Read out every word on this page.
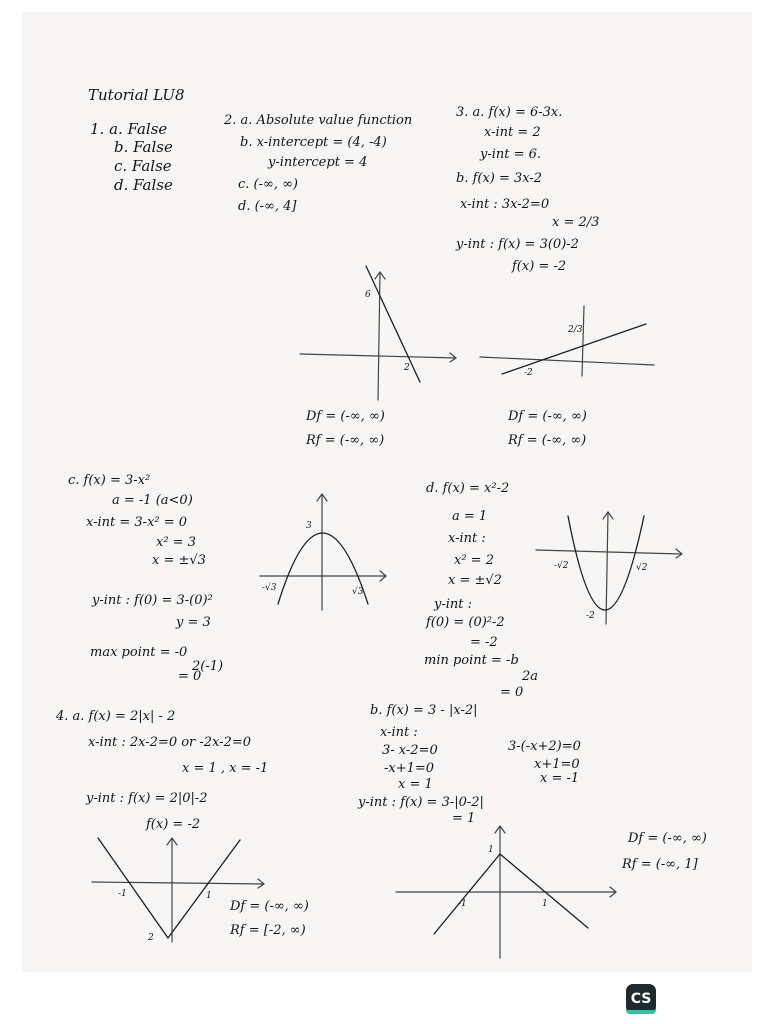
Tutorial LU8
1. a. False
b. False
c. False
d. False
2. a. Absolute value function
b. x-intercept = (4, -4)
y-intercept = 4
c. (-∞, ∞)
d. (-∞, 4]
3. a. f(x) = 6-3x.
x-int = 2
y-int = 6.
b. f(x) = 3x-2
x-int : 3x-2=0
x = 2/3
y-int : f(x) = 3(0)-2
f(x) = -2
6
2
2/3
-2
Df = (-∞, ∞)
Rf = (-∞, ∞)
Df = (-∞, ∞)
Rf = (-∞, ∞)
c. f(x) = 3-x²
a = -1 (a<0)
x-int = 3-x² = 0
x² = 3
x = ±√3
y-int : f(0) = 3-(0)²
y = 3
max point = -0
2(-1)
= 0
3
-√3	√3
d. f(x) = x²-2
a = 1
x-int :
x² = 2
x = ±√2
y-int :
f(0) = (0)²-2
= -2
min point = -b
2a
= 0
-√2	√2
-2
4. a. f(x) = 2|x| - 2
x-int : 2x-2=0 or -2x-2=0
x = 1 , x = -1
y-int : f(x) = 2|0|-2
f(x) = -2
-1	1
2
Df = (-∞, ∞)
Rf = [-2, ∞)
b. f(x) = 3 - |x-2|
x-int :
3- x-2=0
-x+1=0
x = 1
3-(-x+2)=0
x+1=0
x = -1
y-int : f(x) = 3-|0-2|
= 1
1
-1	1
Df = (-∞, ∞)
Rf = (-∞, 1]
CS
